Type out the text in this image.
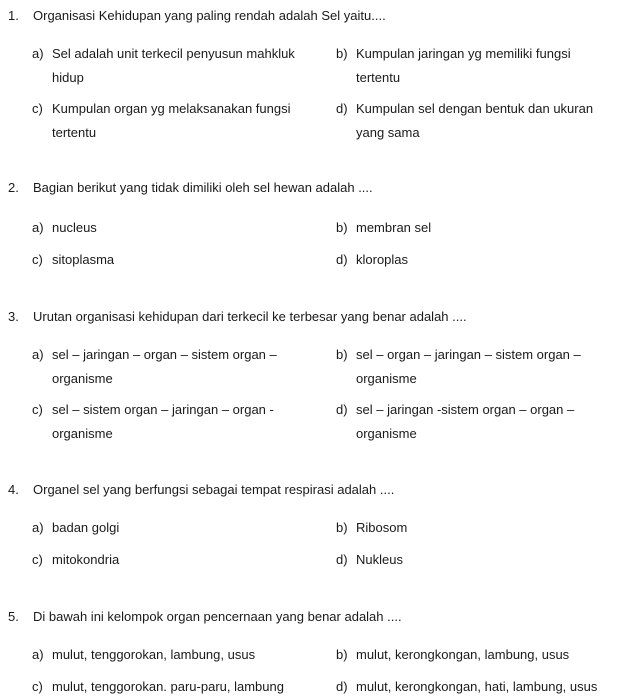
1. Organisasi Kehidupan yang paling rendah adalah Sel yaitu....
a) Sel adalah unit terkecil penyusun mahkluk
hidup
b) Kumpulan jaringan yg memiliki fungsi
tertentu
c) Kumpulan organ yg melaksanakan fungsi
tertentu
d) Kumpulan sel dengan bentuk dan ukuran
yang sama
2. Bagian berikut yang tidak dimiliki oleh sel hewan adalah ....
a) nucleus	b) membran sel
c) sitoplasma	d) kloroplas
3. Urutan organisasi kehidupan dari terkecil ke terbesar yang benar adalah ....
a) sel – jaringan – organ – sistem organ –
organisme
b) sel – organ – jaringan – sistem organ –
organisme
c) sel – sistem organ – jaringan – organ -
organisme
d) sel – jaringan -sistem organ – organ –
organisme
4. Organel sel yang berfungsi sebagai tempat respirasi adalah ....
a) badan golgi	b) Ribosom
c) mitokondria	d) Nukleus
5. Di bawah ini kelompok organ pencernaan yang benar adalah ....
a) mulut, tenggorokan, lambung, usus	b) mulut, kerongkongan, lambung, usus
c) mulut, tenggorokan. paru-paru, lambung	d) mulut, kerongkongan, hati, lambung, usus
